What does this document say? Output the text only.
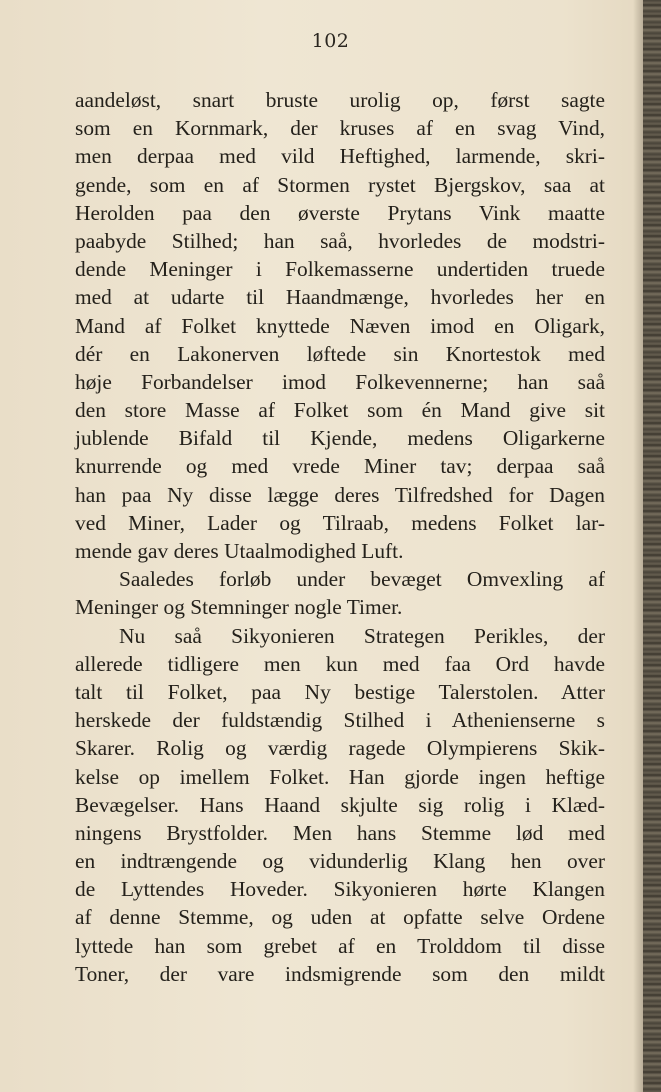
102
aandeløst, snart bruste urolig op, først sagte
som en Kornmark, der kruses af en svag Vind,
men derpaa med vild Heftighed, larmende, skri-
gende, som en af Stormen rystet Bjergskov, saa at
Herolden paa den øverste Prytans Vink maatte
paabyde Stilhed; han saå, hvorledes de modstri-
dende Meninger i Folkemasserne undertiden truede
med at udarte til Haandmænge, hvorledes her en
Mand af Folket knyttede Næven imod en Oligark,
dér en Lakonerven løftede sin Knortestok med
høje Forbandelser imod Folkevennerne; han saå
den store Masse af Folket som én Mand give sit
jublende Bifald til Kjende, medens Oligarkerne
knurrende og med vrede Miner tav; derpaa saå
han paa Ny disse lægge deres Tilfredshed for Dagen
ved Miner, Lader og Tilraab, medens Folket lar-
mende gav deres Utaalmodighed Luft.
Saaledes forløb under bevæget Omvexling af
Meninger og Stemninger nogle Timer.
Nu saå Sikyonieren Strategen Perikles, der
allerede tidligere men kun med faa Ord havde
talt til Folket, paa Ny bestige Talerstolen. Atter
herskede der fuldstændig Stilhed i Athenienserne s
Skarer. Rolig og værdig ragede Olympierens Skik-
kelse op imellem Folket. Han gjorde ingen heftige
Bevægelser. Hans Haand skjulte sig rolig i Klæd-
ningens Brystfolder. Men hans Stemme lød med
en indtrængende og vidunderlig Klang hen over
de Lyttendes Hoveder. Sikyonieren hørte Klangen
af denne Stemme, og uden at opfatte selve Ordene
lyttede han som grebet af en Trolddom til disse
Toner, der vare indsmigrende som den mildt
